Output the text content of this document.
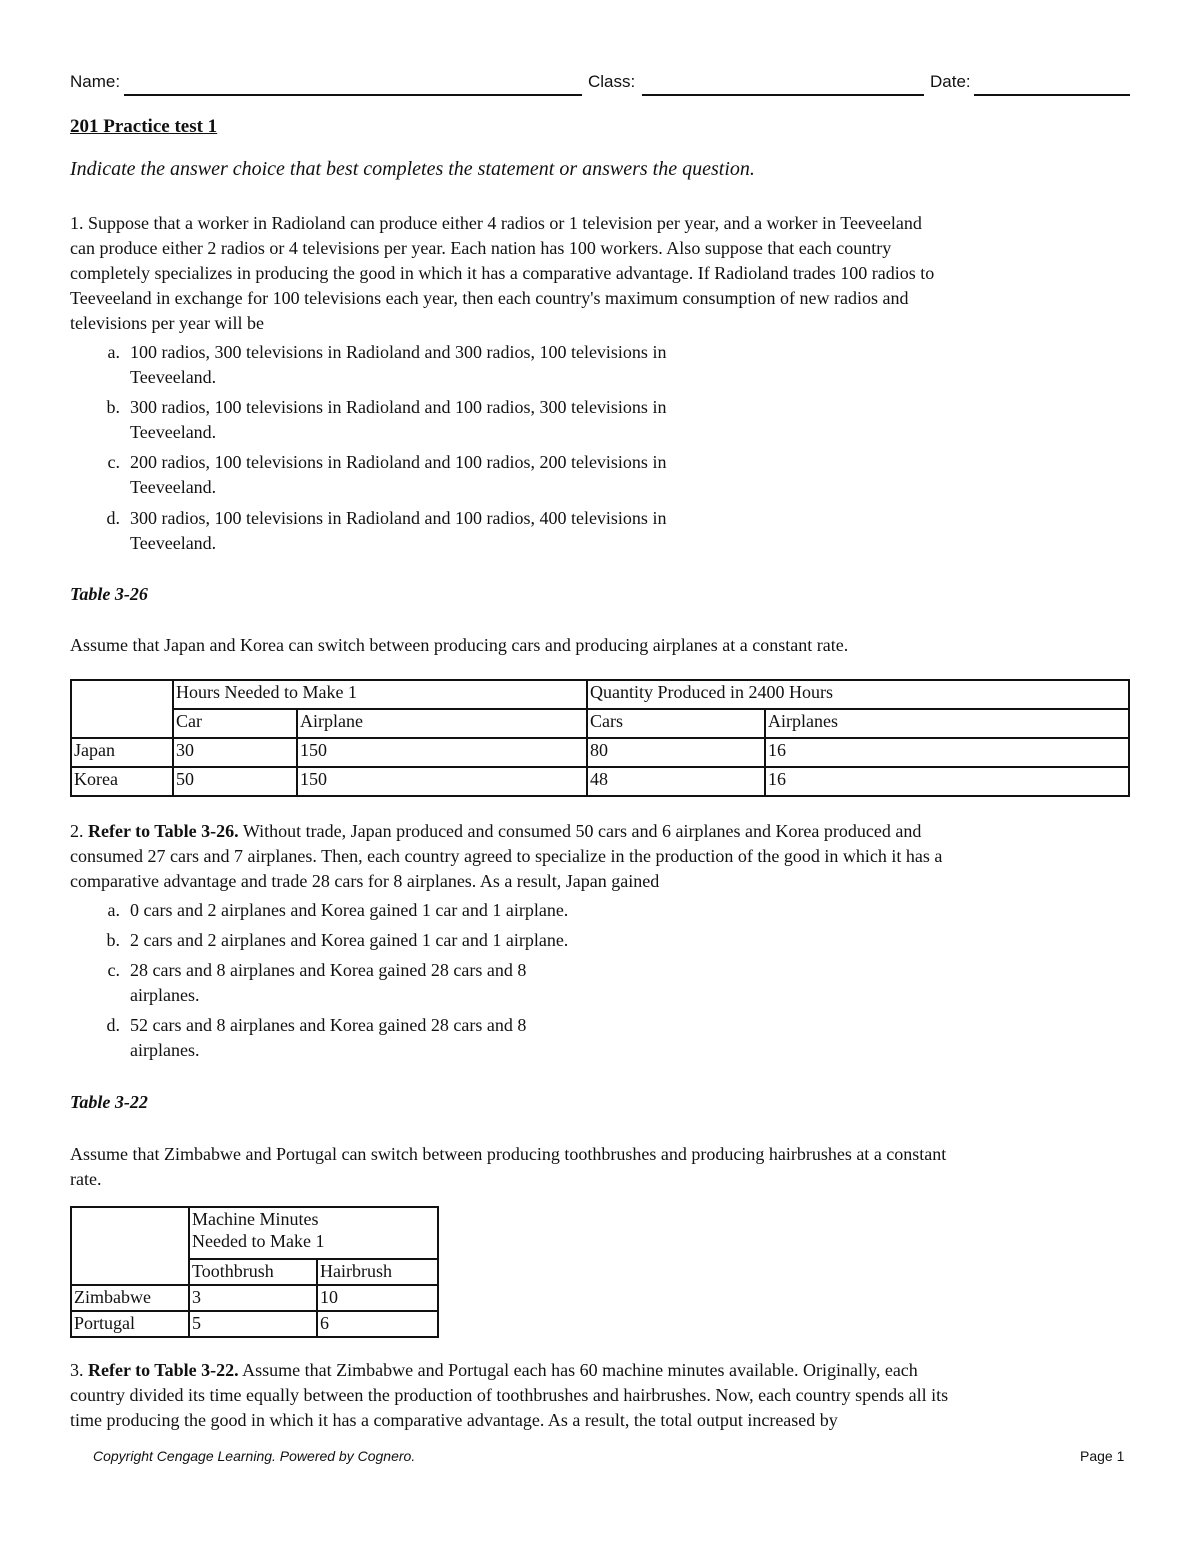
Name:	Class:	Date:
201 Practice test 1
Indicate the answer choice that best completes the statement or answers the question.
1. Suppose that a worker in Radioland can produce either 4 radios or 1 television per year, and a worker in Teeveeland
can produce either 2 radios or 4 televisions per year. Each nation has 100 workers. Also suppose that each country
completely specializes in producing the good in which it has a comparative advantage. If Radioland trades 100 radios to
Teeveeland in exchange for 100 televisions each year, then each country's maximum consumption of new radios and
televisions per year will be
a. 100 radios, 300 televisions in Radioland and 300 radios, 100 televisions in
Teeveeland.
b. 300 radios, 100 televisions in Radioland and 100 radios, 300 televisions in
Teeveeland.
c. 200 radios, 100 televisions in Radioland and 100 radios, 200 televisions in
Teeveeland.
d. 300 radios, 100 televisions in Radioland and 100 radios, 400 televisions in
Teeveeland.
Table 3-26
Assume that Japan and Korea can switch between producing cars and producing airplanes at a constant rate.
	Hours Needed to Make 1		Quantity Produced in 2400 Hours	
	Car	Airplane	Cars	Airplanes
Japan	30	150	80	16
Korea	50	150	48	16
2. Refer to Table 3-26. Without trade, Japan produced and consumed 50 cars and 6 airplanes and Korea produced and
consumed 27 cars and 7 airplanes. Then, each country agreed to specialize in the production of the good in which it has a
comparative advantage and trade 28 cars for 8 airplanes. As a result, Japan gained
a. 0 cars and 2 airplanes and Korea gained 1 car and 1 airplane.
b. 2 cars and 2 airplanes and Korea gained 1 car and 1 airplane.
c. 28 cars and 8 airplanes and Korea gained 28 cars and 8
airplanes.
d. 52 cars and 8 airplanes and Korea gained 28 cars and 8
airplanes.
Table 3-22
Assume that Zimbabwe and Portugal can switch between producing toothbrushes and producing hairbrushes at a constant
rate.
	Machine Minutes
Needed to Make 1	
	Toothbrush	Hairbrush
Zimbabwe	3	10
Portugal	5	6
3. Refer to Table 3-22. Assume that Zimbabwe and Portugal each has 60 machine minutes available. Originally, each
country divided its time equally between the production of toothbrushes and hairbrushes. Now, each country spends all its
time producing the good in which it has a comparative advantage. As a result, the total output increased by
Copyright Cengage Learning. Powered by Cognero.	Page 1
